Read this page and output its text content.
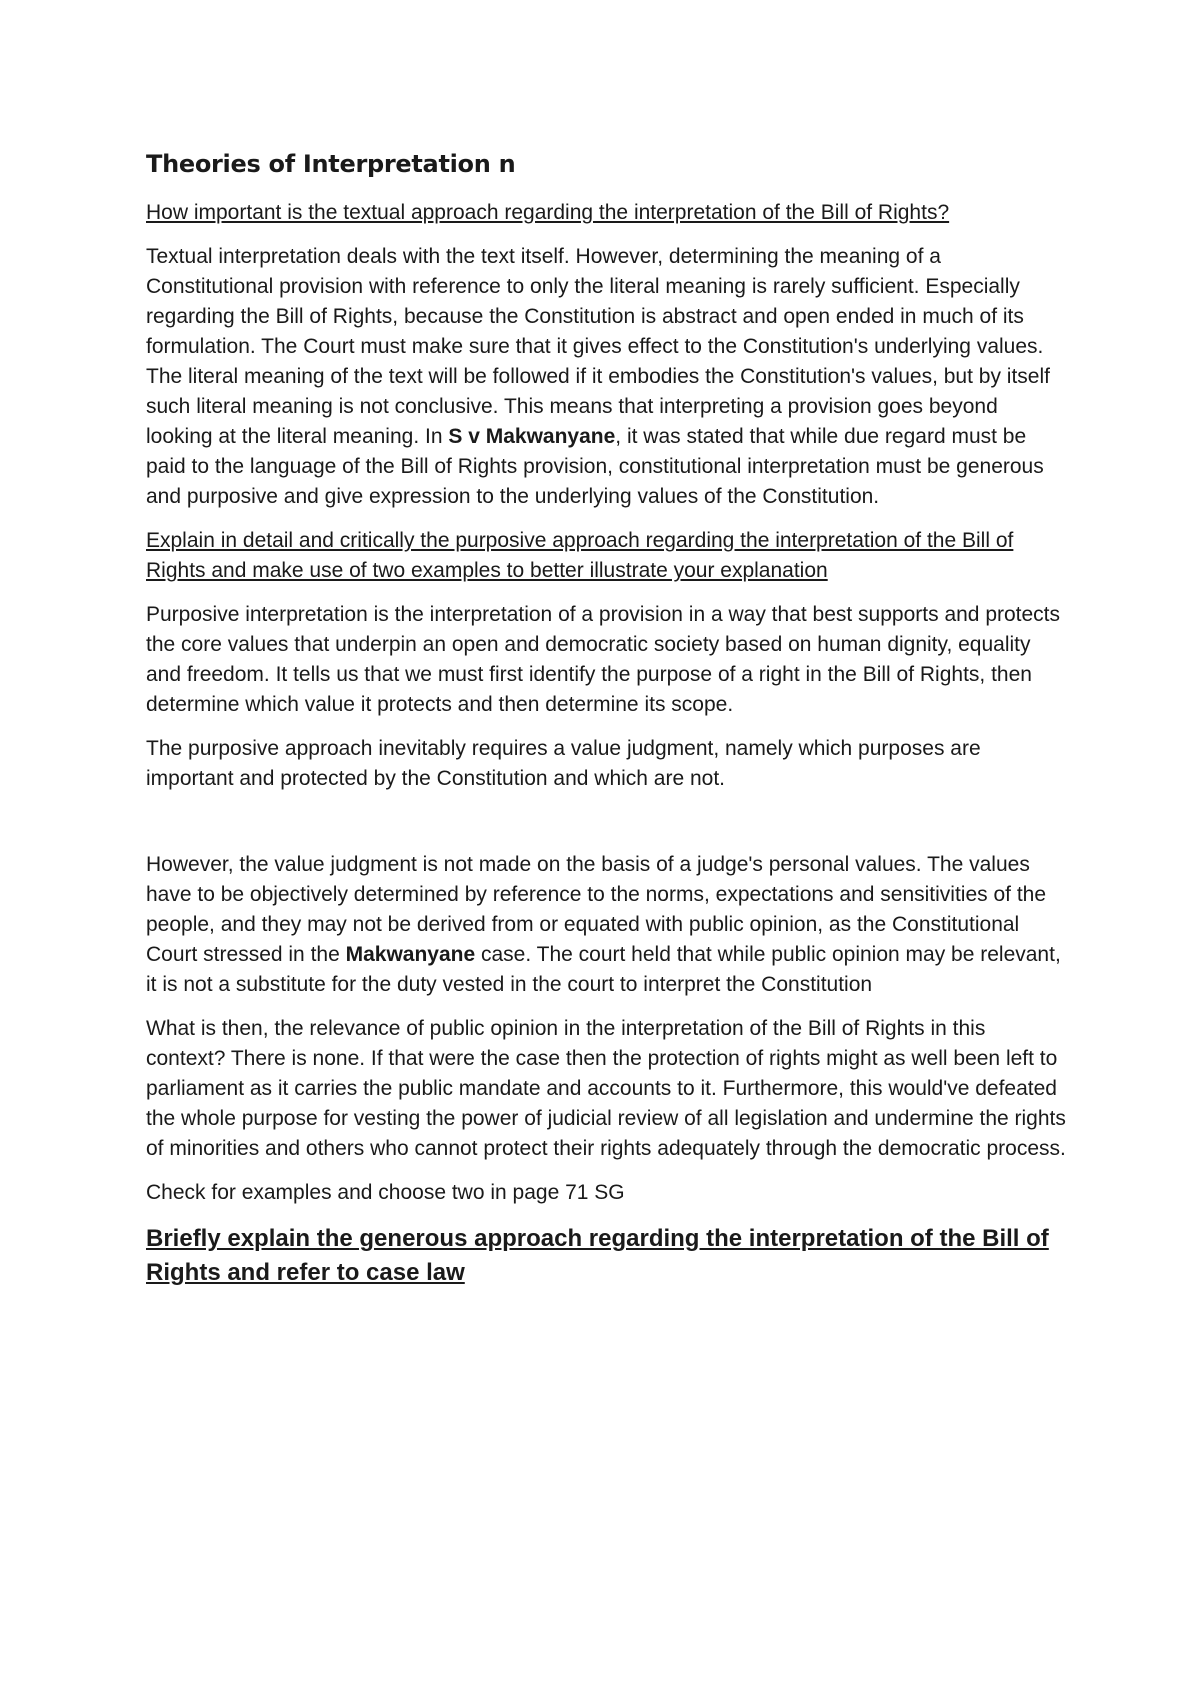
Theories of Interpretation n
How important is the textual approach regarding the interpretation of the Bill of Rights?

Textual interpretation deals with the text itself. However, determining the meaning of a Constitutional provision with reference to only the literal meaning is rarely sufficient. Especially regarding the Bill of Rights, because the Constitution is abstract and open ended in much of its formulation. The Court must make sure that it gives effect to the Constitution's underlying values. The literal meaning of the text will be followed if it embodies the Constitution's values, but by itself such literal meaning is not conclusive. This means that interpreting a provision goes beyond looking at the literal meaning. In S v Makwanyane, it was stated that while due regard must be paid to the language of the Bill of Rights provision, constitutional interpretation must be generous and purposive and give expression to the underlying values of the Constitution.

Explain in detail and critically the purposive approach regarding the interpretation of the Bill of Rights and make use of two examples to better illustrate your explanation

Purposive interpretation is the interpretation of a provision in a way that best supports and protects the core values that underpin an open and democratic society based on human dignity, equality and freedom. It tells us that we must first identify the purpose of a right in the Bill of Rights, then determine which value it protects and then determine its scope.

The purposive approach inevitably requires a value judgment, namely which purposes are important and protected by the Constitution and which are not.

However, the value judgment is not made on the basis of a judge's personal values. The values have to be objectively determined by reference to the norms, expectations and sensitivities of the people, and they may not be derived from or equated with public opinion, as the Constitutional Court stressed in the Makwanyane case. The court held that while public opinion may be relevant, it is not a substitute for the duty vested in the court to interpret the Constitution

What is then, the relevance of public opinion in the interpretation of the Bill of Rights in this context? There is none. If that were the case then the protection of rights might as well been left to parliament as it carries the public mandate and accounts to it. Furthermore, this would've defeated the whole purpose for vesting the power of judicial review of all legislation and undermine the rights of minorities and others who cannot protect their rights adequately through the democratic process.

Check for examples and choose two in page 71 SG

Briefly explain the generous approach regarding the interpretation of the Bill of Rights and refer to case law
